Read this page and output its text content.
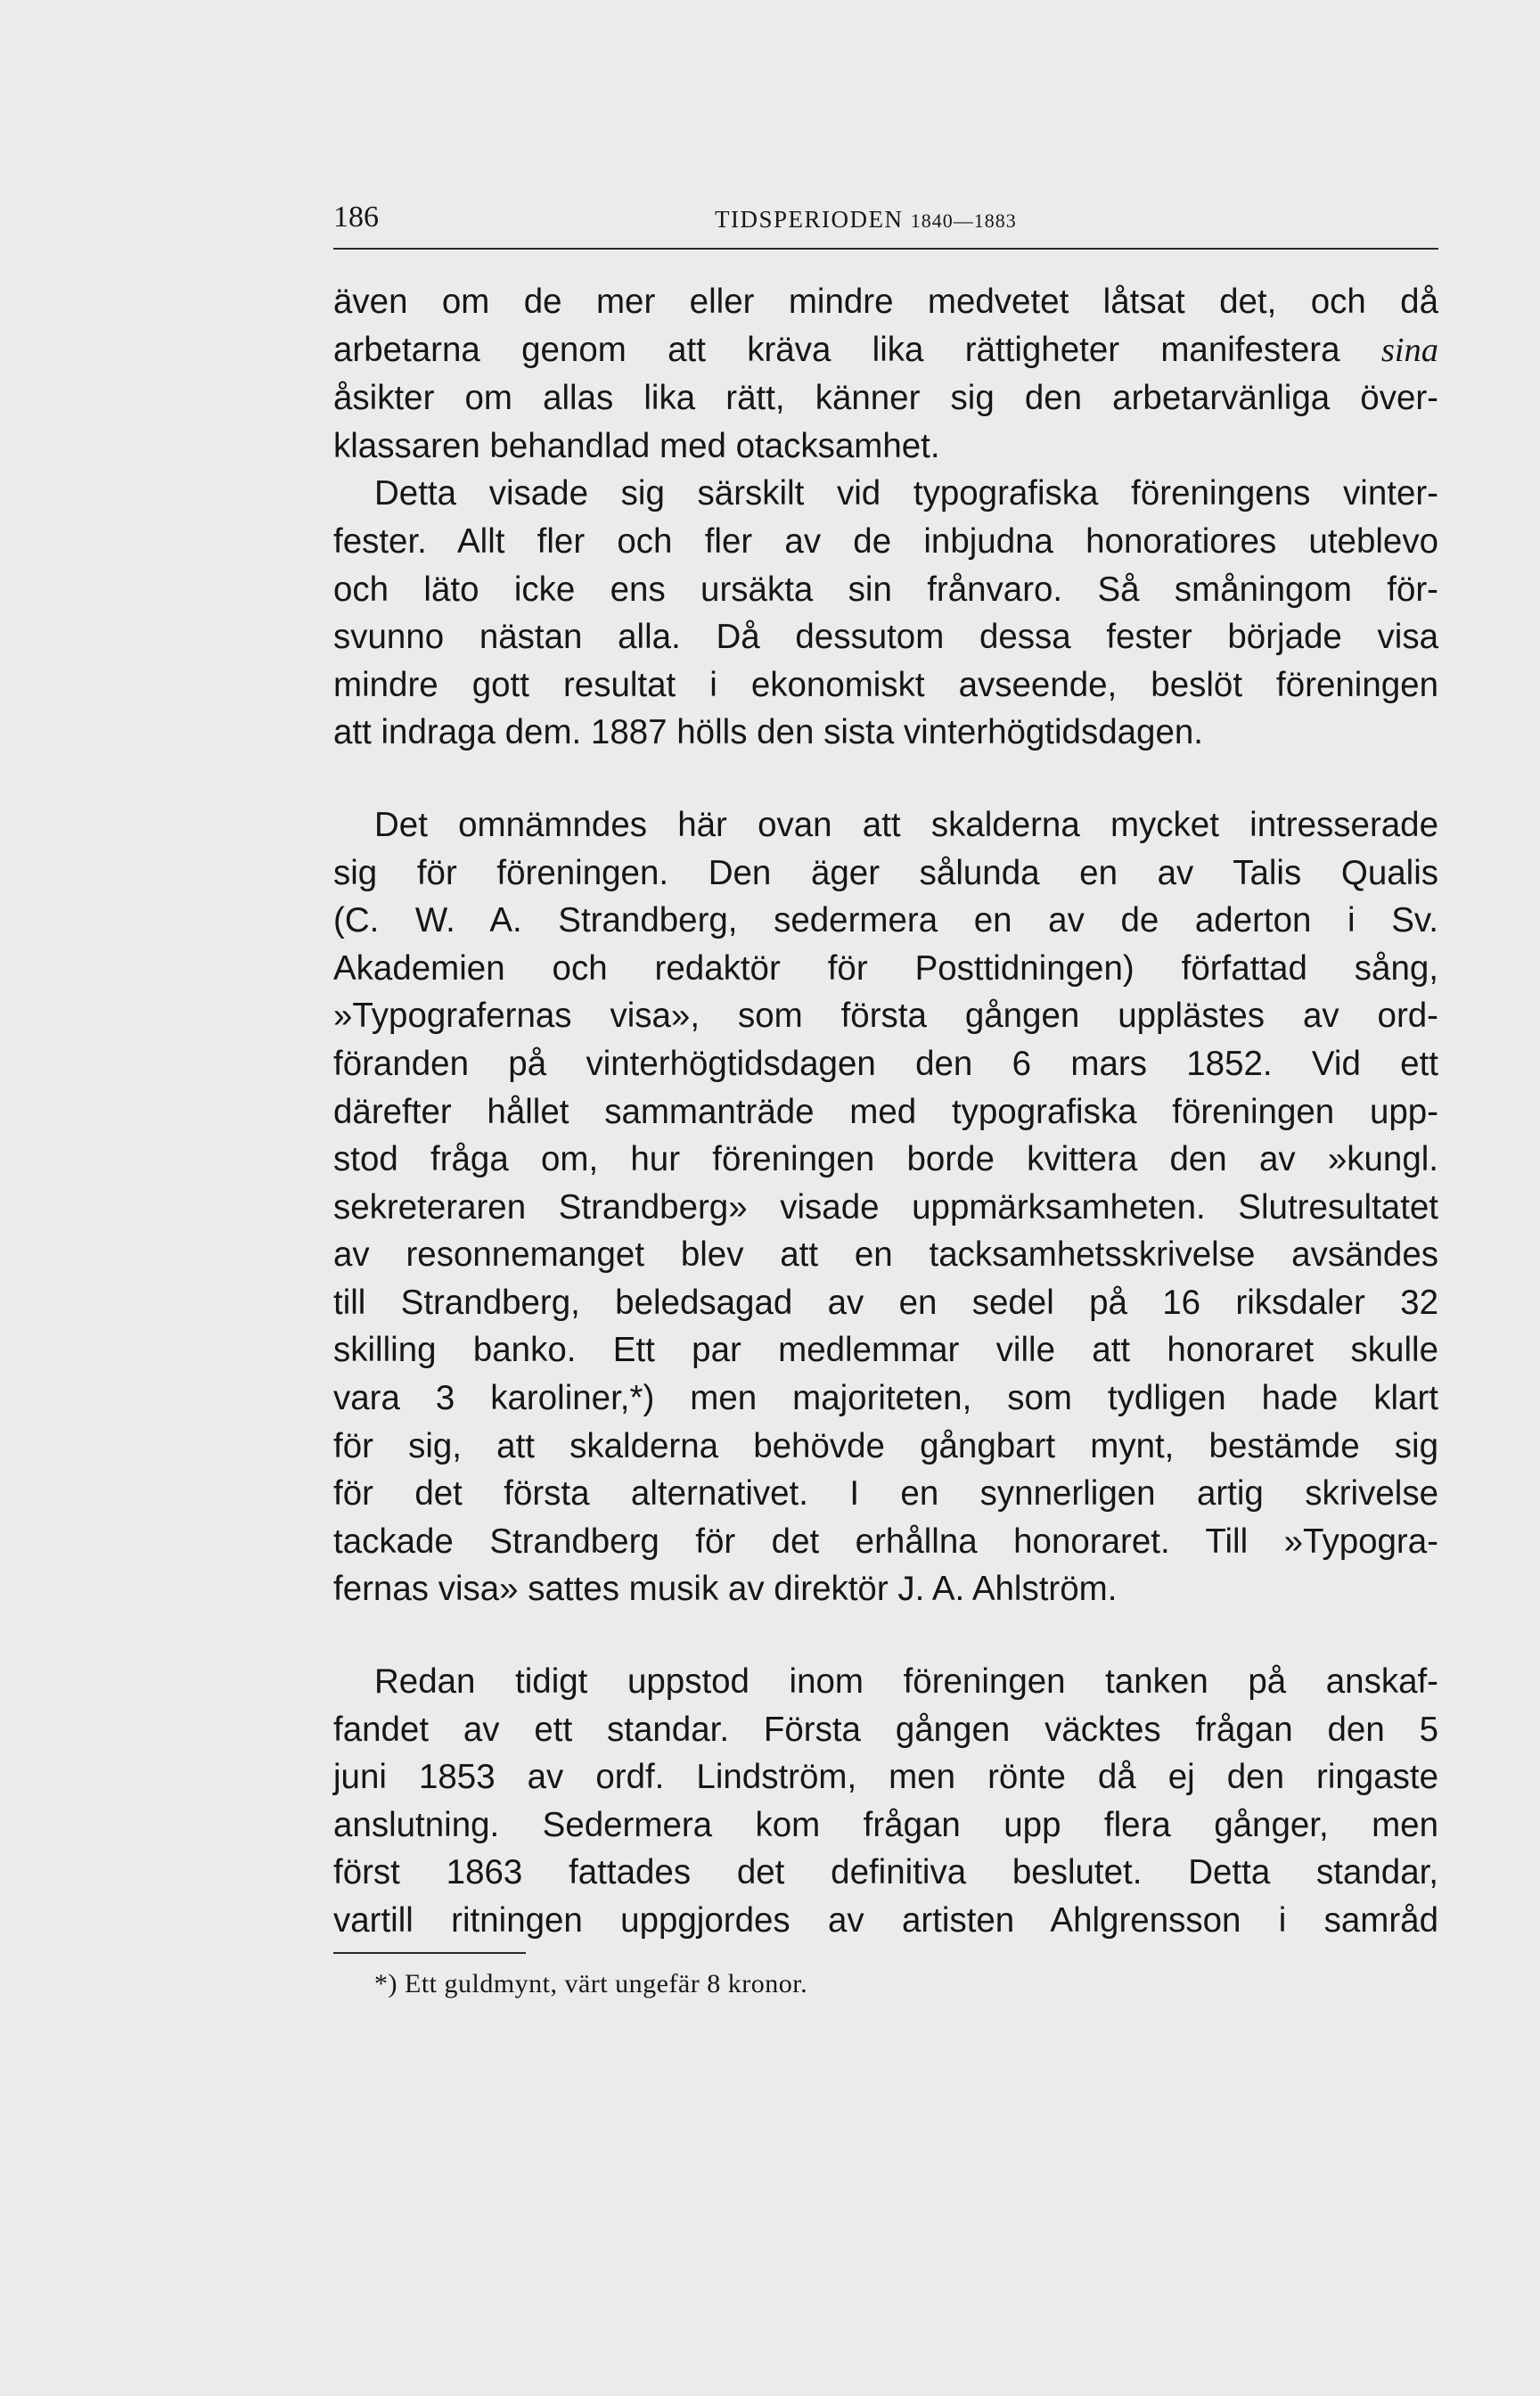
186	TIDSPERIODEN 1840—1883
även om de mer eller mindre medvetet låtsat det, och då
arbetarna genom att kräva lika rättigheter manifestera sina
åsikter om allas lika rätt, känner sig den arbetarvänliga över-
klassaren behandlad med otacksamhet.
Detta visade sig särskilt vid typografiska föreningens vinter-
fester. Allt fler och fler av de inbjudna honoratiores uteblevo
och läto icke ens ursäkta sin frånvaro. Så småningom för-
svunno nästan alla. Då dessutom dessa fester började visa
mindre gott resultat i ekonomiskt avseende, beslöt föreningen
att indraga dem. 1887 hölls den sista vinterhögtidsdagen.
Det omnämndes här ovan att skalderna mycket intresserade
sig för föreningen. Den äger sålunda en av Talis Qualis
(C. W. A. Strandberg, sedermera en av de aderton i Sv.
Akademien och redaktör för Posttidningen) författad sång,
»Typografernas visa», som första gången upplästes av ord-
föranden på vinterhögtidsdagen den 6 mars 1852. Vid ett
därefter hållet sammanträde med typografiska föreningen upp-
stod fråga om, hur föreningen borde kvittera den av »kungl.
sekreteraren Strandberg» visade uppmärksamheten. Slutresultatet
av resonnemanget blev att en tacksamhetsskrivelse avsändes
till Strandberg, beledsagad av en sedel på 16 riksdaler 32
skilling banko. Ett par medlemmar ville att honoraret skulle
vara 3 karoliner,*) men majoriteten, som tydligen hade klart
för sig, att skalderna behövde gångbart mynt, bestämde sig
för det första alternativet. I en synnerligen artig skrivelse
tackade Strandberg för det erhållna honoraret. Till »Typogra-
fernas visa» sattes musik av direktör J. A. Ahlström.
Redan tidigt uppstod inom föreningen tanken på anskaf-
fandet av ett standar. Första gången väcktes frågan den 5
juni 1853 av ordf. Lindström, men rönte då ej den ringaste
anslutning. Sedermera kom frågan upp flera gånger, men
först 1863 fattades det definitiva beslutet. Detta standar,
vartill ritningen uppgjordes av artisten Ahlgrensson i samråd
*) Ett guldmynt, värt ungefär 8 kronor.
